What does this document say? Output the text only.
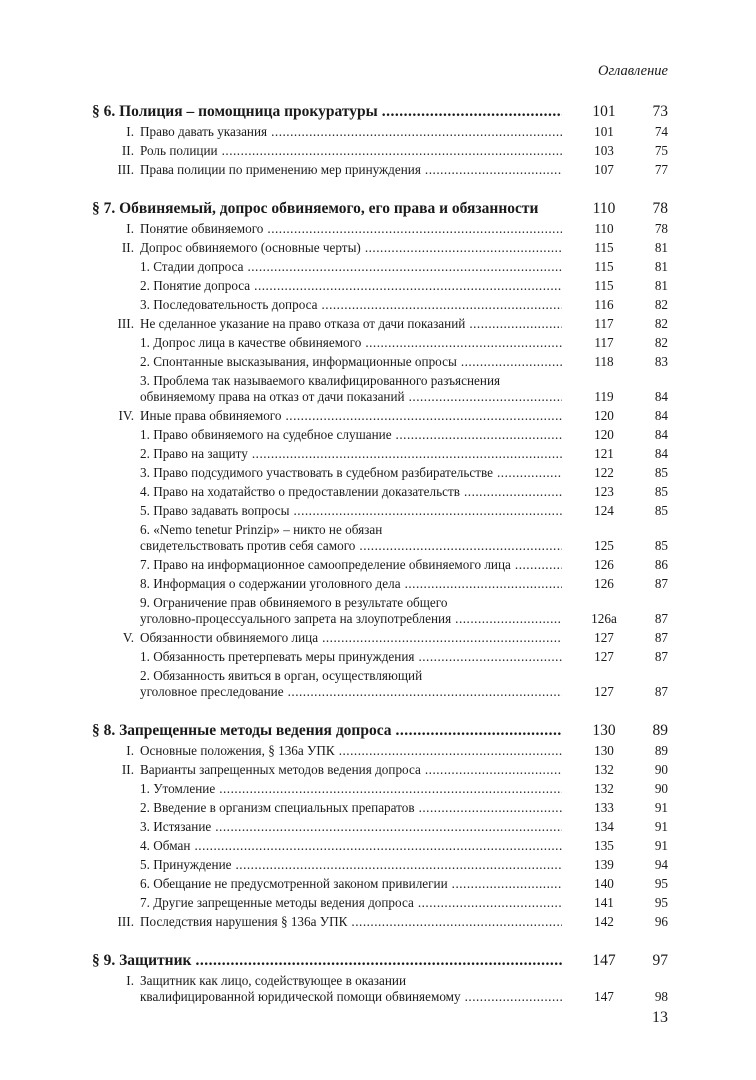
Оглавление
§ 6. Полиция – помощница прокуратуры .....	101	73
I. Право давать указания .....	101	74
II. Роль полиции .....	103	75
III. Права полиции по применению мер принуждения .....	107	77
§ 7. Обвиняемый, допрос обвиняемого, его права и обязанности	110	78
I. Понятие обвиняемого .....	110	78
II. Допрос обвиняемого (основные черты) .....	115	81
1. Стадии допроса .....	115	81
2. Понятие допроса .....	115	81
3. Последовательность допроса .....	116	82
III. Не сделанное указание на право отказа от дачи показаний .....	117	82
1. Допрос лица в качестве обвиняемого .....	117	82
2. Спонтанные высказывания, информационные опросы .....	118	83
3. Проблема так называемого квалифицированного разъяснения
обвиняемому права на отказ от дачи показаний .....	119	84
IV. Иные права обвиняемого .....	120	84
1. Право обвиняемого на судебное слушание .....	120	84
2. Право на защиту .....	121	84
3. Право подсудимого участвовать в судебном разбирательстве .....	122	85
4. Право на ходатайство о предоставлении доказательств .....	123	85
5. Право задавать вопросы .....	124	85
6. «Nemo tenetur Prinzip» – никто не обязан
свидетельствовать против себя самого .....	125	85
7. Право на информационное самоопределение обвиняемого лица .....	126	86
8. Информация о содержании уголовного дела .....	126	87
9. Ограничение прав обвиняемого в результате общего
уголовно-процессуального запрета на злоупотребления .....	126а	87
V. Обязанности обвиняемого лица .....	127	87
1. Обязанность претерпевать меры принуждения .....	127	87
2. Обязанность явиться в орган, осуществляющий
уголовное преследование .....	127	87
§ 8. Запрещенные методы ведения допроса .....	130	89
I. Основные положения, § 136а УПК .....	130	89
II. Варианты запрещенных методов ведения допроса .....	132	90
1. Утомление .....	132	90
2. Введение в организм специальных препаратов .....	133	91
3. Истязание .....	134	91
4. Обман .....	135	91
5. Принуждение .....	139	94
6. Обещание не предусмотренной законом привилегии .....	140	95
7. Другие запрещенные методы ведения допроса .....	141	95
III. Последствия нарушения § 136а УПК .....	142	96
§ 9. Защитник .....	147	97
I. Защитник как лицо, содействующее в оказании
квалифицированной юридической помощи обвиняемому .....	147	98
13
